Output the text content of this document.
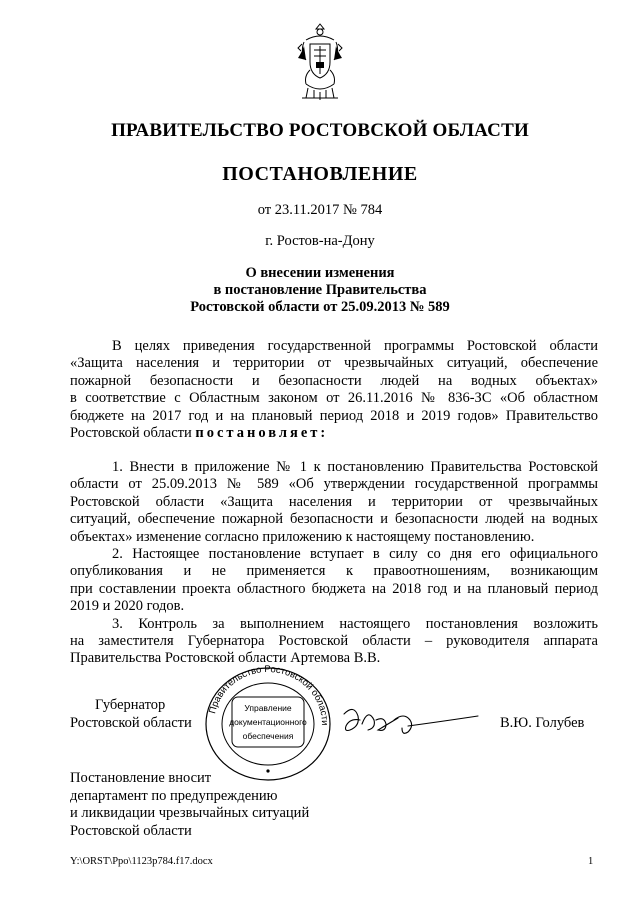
ПРАВИТЕЛЬСТВО РОСТОВСКОЙ ОБЛАСТИ
ПОСТАНОВЛЕНИЕ
от 23.11.2017 № 784
г. Ростов-на-Дону
О внесении изменения
в постановление Правительства
Ростовской области от 25.09.2013 № 589
В целях приведения государственной программы Ростовской области
«Защита населения и территории от чрезвычайных ситуаций, обеспечение
пожарной безопасности и безопасности людей на водных объектах»
в соответствие с Областным законом от 26.11.2016 № 836-ЗС «Об областном
бюджете на 2017 год и на плановый период 2018 и 2019 годов» Правительство
Ростовской области постановляет:
1. Внести в приложение № 1 к постановлению Правительства Ростовской
области от 25.09.2013 № 589 «Об утверждении государственной программы
Ростовской области «Защита населения и территории от чрезвычайных
ситуаций, обеспечение пожарной безопасности и безопасности людей на водных
объектах» изменение согласно приложению к настоящему постановлению.
2. Настоящее постановление вступает в силу со дня его официального
опубликования и не применяется к правоотношениям, возникающим
при составлении проекта областного бюджета на 2018 год и на плановый период
2019 и 2020 годов.
3. Контроль за выполнением настоящего постановления возложить
на заместителя Губернатора Ростовской области – руководителя аппарата
Правительства Ростовской области Артемова В.В.
Губернатор
Ростовской области
Правительство Ростовской области
Управление
документационного
обеспечения
В.Ю. Голубев
Постановление вносит
департамент по предупреждению
и ликвидации чрезвычайных ситуаций
Ростовской области
Y:\ORST\Ppo\1123p784.f17.docx	1
